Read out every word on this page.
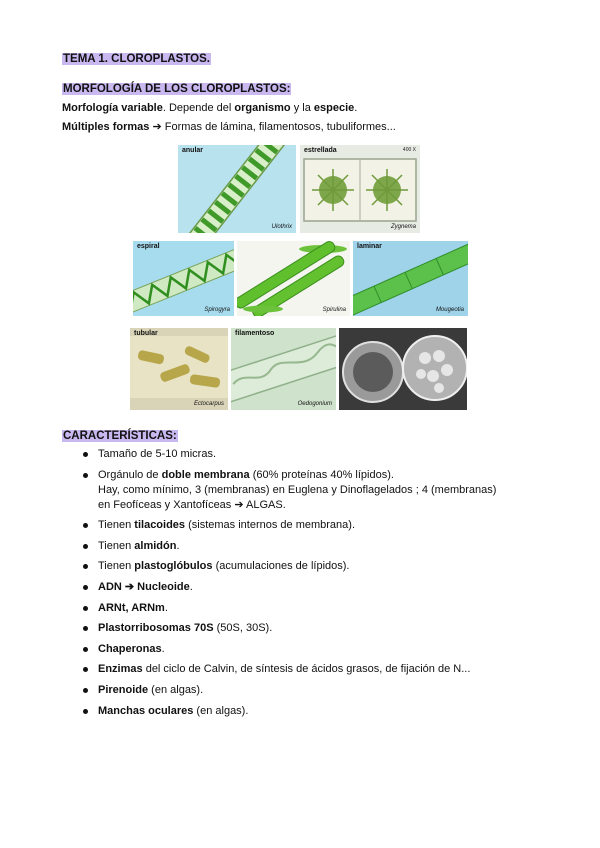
TEMA 1. CLOROPLASTOS.
MORFOLOGÍA DE LOS CLOROPLASTOS:
Morfología variable. Depende del organismo y la especie.
Múltiples formas ➔ Formas de lámina, filamentosos, tubuliformes...
anular
Ulothrix
estrellada	400 X
Zygnema
espiral
Spirogyra	Spirulina
laminar
Mougeotia
tubular
Ectocarpus
filamentoso
Oedogonium
CARACTERÍSTICAS:
Tamaño de 5-10 micras.
Orgánulo de doble membrana (60% proteínas 40% lípidos).
Hay, como mínimo, 3 (membranas) en Euglena y Dinoflagelados ; 4 (membranas)
en Feofíceas y Xantofíceas ➔ ALGAS.
Tienen tilacoides (sistemas internos de membrana).
Tienen almidón.
Tienen plastoglóbulos (acumulaciones de lípidos).
ADN ➔ Nucleoide.
ARNt, ARNm.
Plastorribosomas 70S (50S, 30S).
Chaperonas.
Enzimas del ciclo de Calvin, de síntesis de ácidos grasos, de fijación de N...
Pirenoide (en algas).
Manchas oculares (en algas).
